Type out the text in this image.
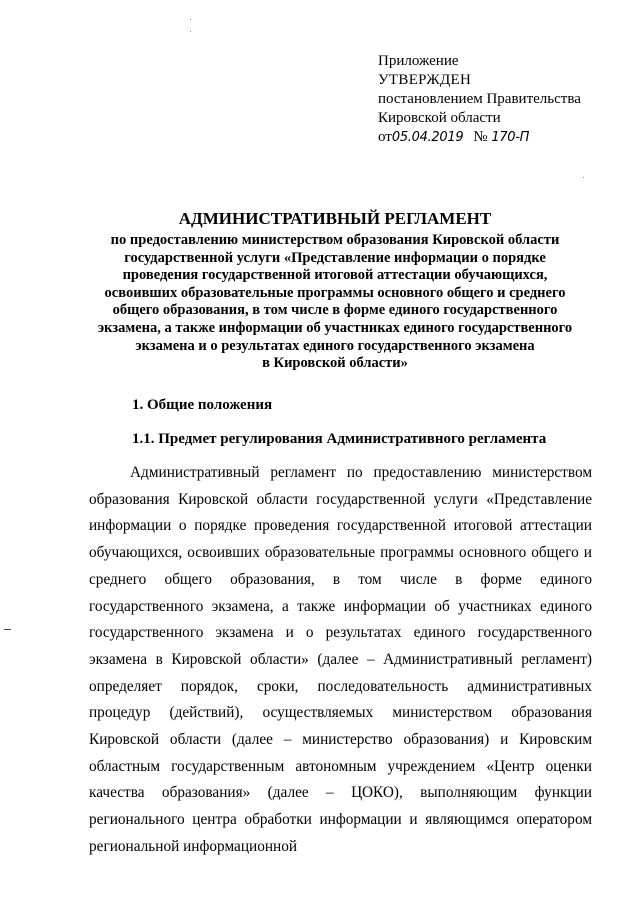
Приложение

УТВЕРЖДЕН

постановлением Правительства

Кировской области

от05.04.2019 № 170-П

АДМИНИСТРАТИВНЫЙ РЕГЛАМЕНТ

по предоставлению министерством образования Кировской области

государственной услуги «Представление информации о порядке

проведения государственной итоговой аттестации обучающихся,

освоивших образовательные программы основного общего и среднего

общего образования, в том числе в форме единого государственного

экзамена, а также информации об участниках единого государственного

экзамена и о результатах единого государственного экзамена

в Кировской области»

1. Общие положения

1.1. Предмет регулирования Административного регламента

Административный регламент по предоставлению министерством образования Кировской области государственной услуги «Представление информации о порядке проведения государственной итоговой аттестации обучающихся, освоивших образовательные программы основного общего и среднего общего образования, в том числе в форме единого государственного экзамена, а также информации об участниках единого государственного экзамена и о результатах единого государственного экзамена в Кировской области» (далее – Административный регламент) определяет порядок, сроки, последовательность административных процедур (действий), осуществляемых министерством образования Кировской области (далее – министерство образования) и Кировским областным государственным автономным учреждением «Центр оценки качества образования» (далее – ЦОКО), выполняющим функции регионального центра обработки информации и являющимся оператором региональной информационной
